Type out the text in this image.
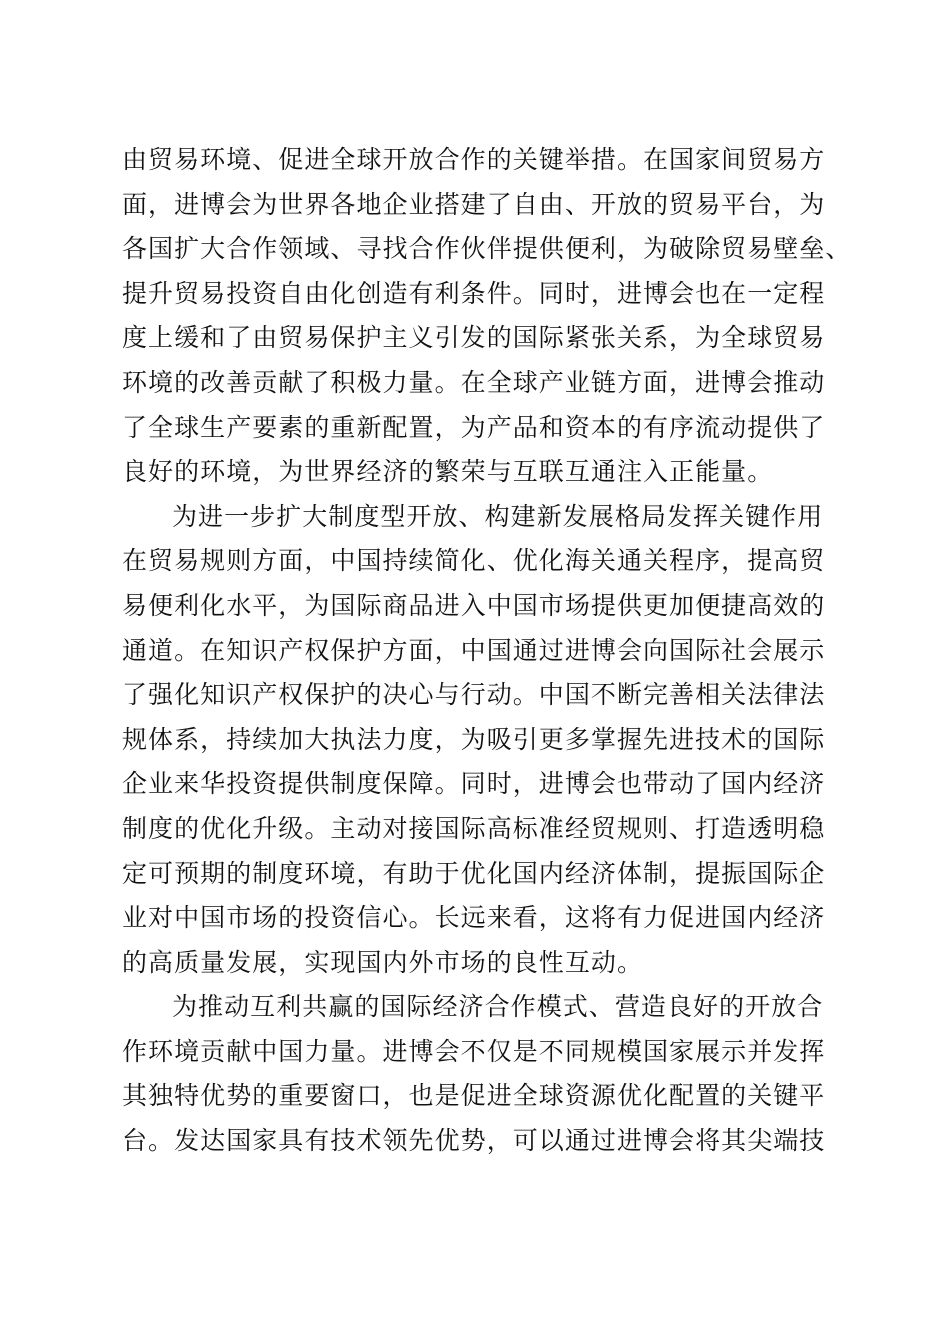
由贸易环境、促进全球开放合作的关键举措。在国家间贸易方
面，进博会为世界各地企业搭建了自由、开放的贸易平台，为
各国扩大合作领域、寻找合作伙伴提供便利，为破除贸易壁垒、
提升贸易投资自由化创造有利条件。同时，进博会也在一定程
度上缓和了由贸易保护主义引发的国际紧张关系，为全球贸易
环境的改善贡献了积极力量。在全球产业链方面，进博会推动
了全球生产要素的重新配置，为产品和资本的有序流动提供了
良好的环境，为世界经济的繁荣与互联互通注入正能量。
为进一步扩大制度型开放、构建新发展格局发挥关键作用
在贸易规则方面，中国持续简化、优化海关通关程序，提高贸
易便利化水平，为国际商品进入中国市场提供更加便捷高效的
通道。在知识产权保护方面，中国通过进博会向国际社会展示
了强化知识产权保护的决心与行动。中国不断完善相关法律法
规体系，持续加大执法力度，为吸引更多掌握先进技术的国际
企业来华投资提供制度保障。同时，进博会也带动了国内经济
制度的优化升级。主动对接国际高标准经贸规则、打造透明稳
定可预期的制度环境，有助于优化国内经济体制，提振国际企
业对中国市场的投资信心。长远来看，这将有力促进国内经济
的高质量发展，实现国内外市场的良性互动。
为推动互利共赢的国际经济合作模式、营造良好的开放合
作环境贡献中国力量。进博会不仅是不同规模国家展示并发挥
其独特优势的重要窗口，也是促进全球资源优化配置的关键平
台。发达国家具有技术领先优势，可以通过进博会将其尖端技
